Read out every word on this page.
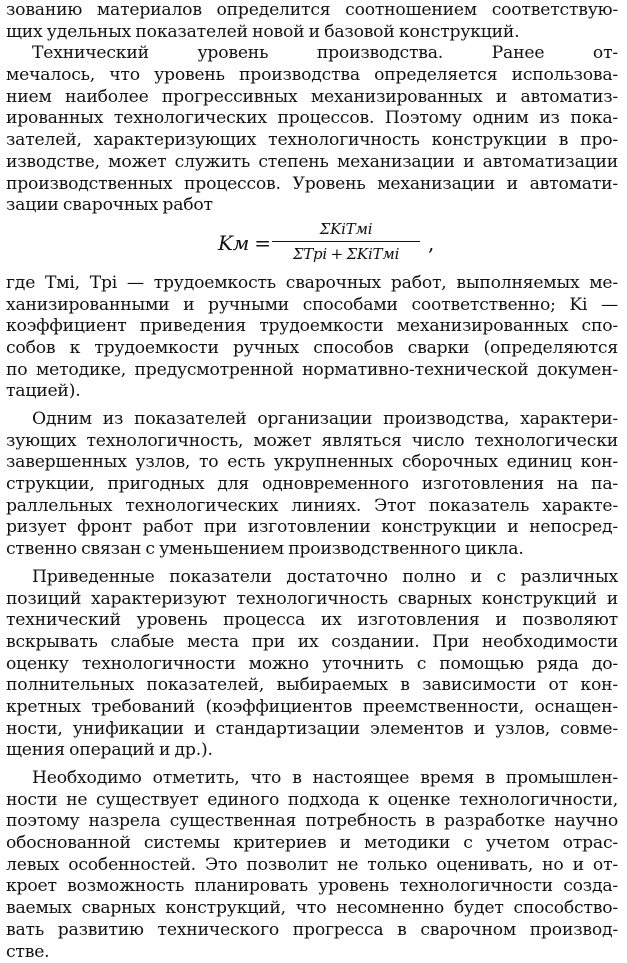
зованию материалов определится соотношением соответствую-
щих удельных показателей новой и базовой конструкций.
Технический уровень производства. Ранее от-
мечалось, что уровень производства определяется использова-
нием наиболее прогрессивных механизированных и автоматиз-
ированных технологических процессов. Поэтому одним из пока-
зателей, характеризующих технологичность конструкции в про-
изводстве, может служить степень механизации и автоматизации
производственных процессов. Уровень механизации и автомати-
зации сварочных работ
Kм =
ΣKiTмi
ΣTpi + ΣKiTмi	,
где Tмi, Tpi — трудоемкость сварочных работ, выполняемых ме-
ханизированными и ручными способами соответственно; Ki —
коэффициент приведения трудоемкости механизированных спо-
собов к трудоемкости ручных способов сварки (определяются
по методике, предусмотренной нормативно-технической докумен-
тацией).
Одним из показателей организации производства, характери-
зующих технологичность, может являться число технологически
завершенных узлов, то есть укрупненных сборочных единиц кон-
струкции, пригодных для одновременного изготовления на па-
раллельных технологических линиях. Этот показатель характе-
ризует фронт работ при изготовлении конструкции и непосред-
ственно связан с уменьшением производственного цикла.
Приведенные показатели достаточно полно и с различных
позиций характеризуют технологичность сварных конструкций и
технический уровень процесса их изготовления и позволяют
вскрывать слабые места при их создании. При необходимости
оценку технологичности можно уточнить с помощью ряда до-
полнительных показателей, выбираемых в зависимости от кон-
кретных требований (коэффициентов преемственности, оснащен-
ности, унификации и стандартизации элементов и узлов, совме-
щения операций и др.).
Необходимо отметить, что в настоящее время в промышлен-
ности не существует единого подхода к оценке технологичности,
поэтому назрела существенная потребность в разработке научно
обоснованной системы критериев и методики с учетом отрас-
левых особенностей. Это позволит не только оценивать, но и от-
кроет возможность планировать уровень технологичности созда-
ваемых сварных конструкций, что несомненно будет способство-
вать развитию технического прогресса в сварочном производ-
стве.
